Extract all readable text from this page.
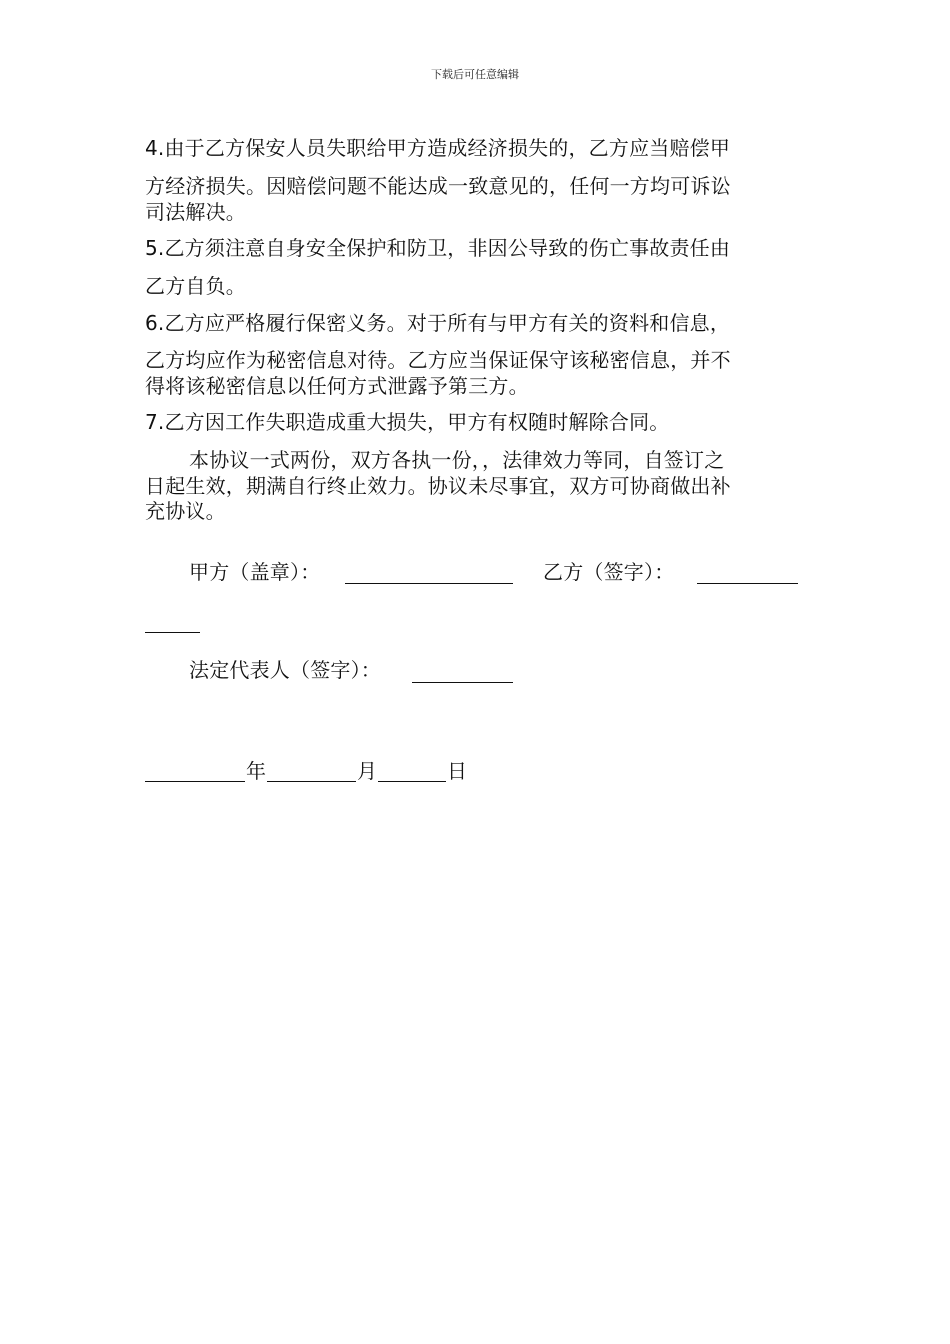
下载后可任意编辑
4.由于乙方保安人员失职给甲方造成经济损失的，乙方应当赔偿甲
方经济损失。因赔偿问题不能达成一致意见的，任何一方均可诉讼
司法解决。
5.乙方须注意自身安全保护和防卫，非因公导致的伤亡事故责任由
乙方自负。
6.乙方应严格履行保密义务。对于所有与甲方有关的资料和信息，
乙方均应作为秘密信息对待。乙方应当保证保守该秘密信息，并不
得将该秘密信息以任何方式泄露予第三方。
7.乙方因工作失职造成重大损失，甲方有权随时解除合同。
本协议一式两份，双方各执一份，，法律效力等同，自签订之
日起生效，期满自行终止效力。协议未尽事宜，双方可协商做出补
充协议。
甲方（盖章）：	乙方（签字）：
法定代表人（签字）：
年	月	日
